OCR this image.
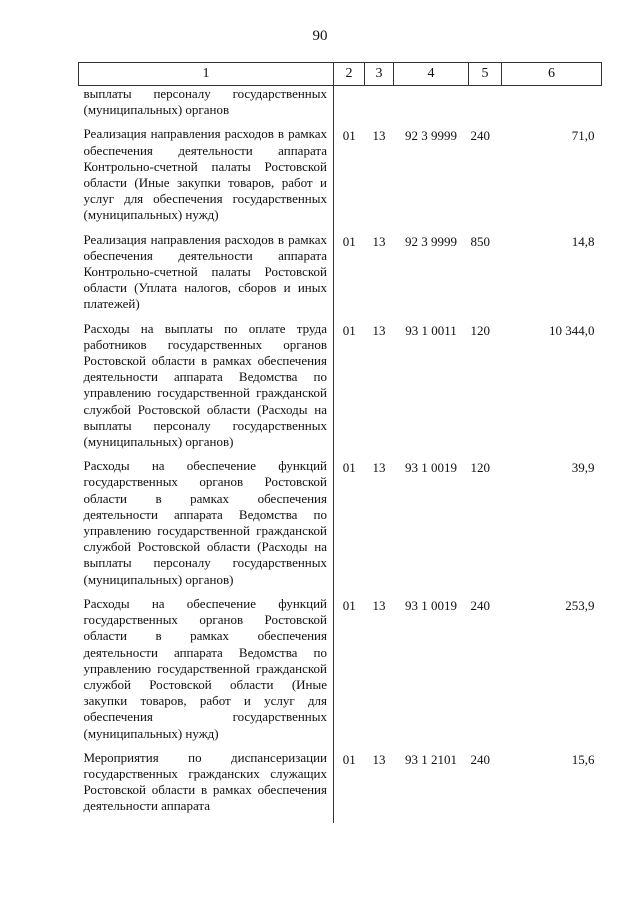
90
1	2	3	4	5	6
выплаты персоналу государственных (муниципальных) органов					
Реализация направления расходов в рамках обеспечения деятельности аппарата Контрольно-счетной палаты Ростовской области (Иные закупки товаров, работ и услуг для обеспечения государственных (муниципальных) нужд)	01	13	92 3 9999	240	71,0
Реализация направления расходов в рамках обеспечения деятельности аппарата Контрольно-счетной палаты Ростовской области (Уплата налогов, сборов и иных платежей)	01	13	92 3 9999	850	14,8
Расходы на выплаты по оплате труда работников государственных органов Ростовской области в рамках обеспечения деятельности аппарата Ведомства по управлению государственной гражданской службой Ростовской области (Расходы на выплаты персоналу государственных (муниципальных) органов)	01	13	93 1 0011	120	10 344,0
Расходы на обеспечение функций государственных органов Ростовской области в рамках обеспечения деятельности аппарата Ведомства по управлению государственной гражданской службой Ростовской области (Расходы на выплаты персоналу государственных (муниципальных) органов)	01	13	93 1 0019	120	39,9
Расходы на обеспечение функций государственных органов Ростовской области в рамках обеспечения деятельности аппарата Ведомства по управлению государственной гражданской службой Ростовской области (Иные закупки товаров, работ и услуг для обеспечения государственных (муниципальных) нужд)	01	13	93 1 0019	240	253,9
Мероприятия по диспансеризации государственных гражданских служащих Ростовской области в рамках обеспечения деятельности аппарата	01	13	93 1 2101	240	15,6
